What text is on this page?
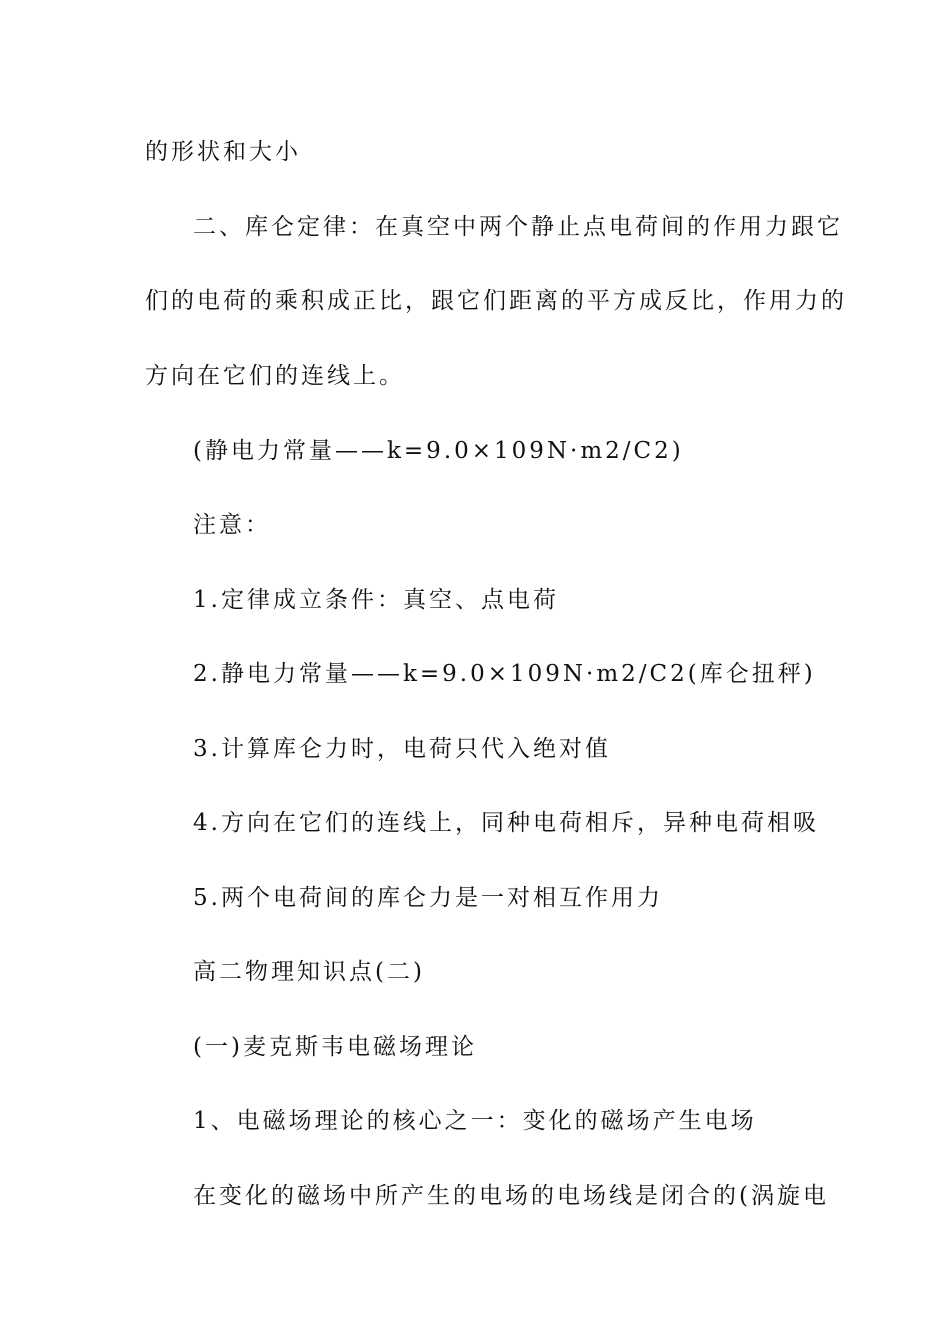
的形状和大小
二、库仑定律：在真空中两个静止点电荷间的作用力跟它
们的电荷的乘积成正比，跟它们距离的平方成反比，作用力的
方向在它们的连线上。
(静电力常量——k=9.0×109N·m2/C2)
注意：
1.定律成立条件：真空、点电荷
2.静电力常量——k=9.0×109N·m2/C2(库仑扭秤)
3.计算库仑力时，电荷只代入绝对值
4.方向在它们的连线上，同种电荷相斥，异种电荷相吸
5.两个电荷间的库仑力是一对相互作用力
高二物理知识点(二)
(一)麦克斯韦电磁场理论
1、电磁场理论的核心之一：变化的磁场产生电场
在变化的磁场中所产生的电场的电场线是闭合的(涡旋电
